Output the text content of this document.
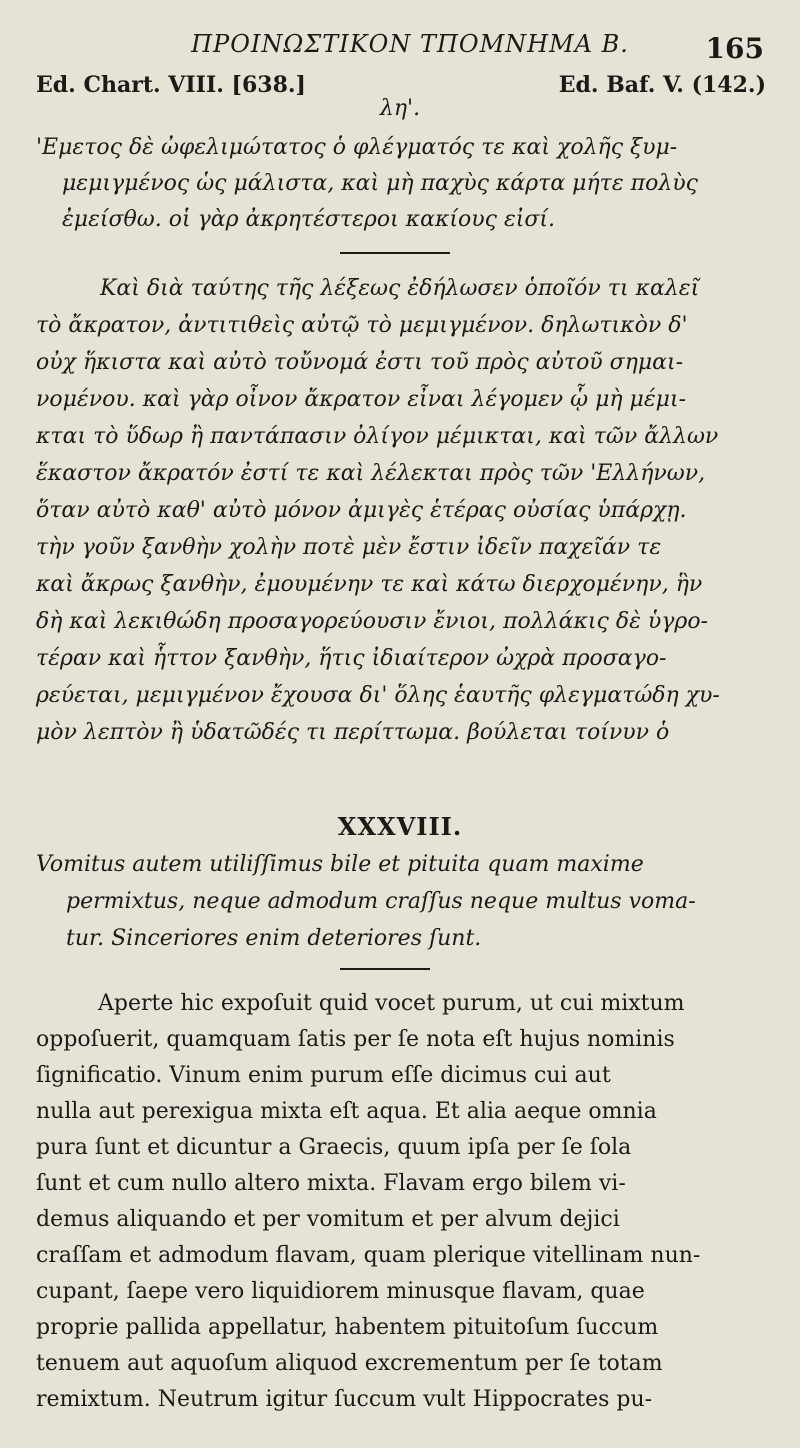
ΠΡΟΙΝΩΣΤΙΚΟΝ ΤΠΟΜΝΗΜΑ Β.	165
Ed. Chart. VIII. [638.]	Ed. Baf. V. (142.)
λη'.
'Εμετος δὲ ὠφελιμώτατος ὁ φλέγματός τε καὶ χολῆς ξυμ-
μεμιγμένος ὡς μάλιστα, καὶ μὴ παχὺς κάρτα μήτε πολὺς
ἐμείσθω. οἱ γὰρ ἀκρητέστεροι κακίους εἰσί.
Καὶ διὰ ταύτης τῆς λέξεως ἐδήλωσεν ὁποῖόν τι καλεῖ
τὸ ἄκρατον, ἀντιτιθεὶς αὐτῷ τὸ μεμιγμένον. δηλωτικὸν δ'
οὐχ ἥκιστα καὶ αὐτὸ τοὔνομά ἐστι τοῦ πρὸς αὐτοῦ σημαι-
νομένου. καὶ γὰρ οἶνον ἄκρατον εἶναι λέγομεν ᾧ μὴ μέμι-
κται τὸ ὕδωρ ἢ παντάπασιν ὀλίγον μέμικται, καὶ τῶν ἄλλων
ἕκαστον ἄκρατόν ἐστί τε καὶ λέλεκται πρὸς τῶν 'Ελλήνων,
ὅταν αὐτὸ καθ' αὐτὸ μόνον ἀμιγὲς ἑτέρας οὐσίας ὑπάρχῃ.
τὴν γοῦν ξανθὴν χολὴν ποτὲ μὲν ἔστιν ἰδεῖν παχεῖάν τε
καὶ ἄκρως ξανθὴν, ἐμουμένην τε καὶ κάτω διερχομένην, ἣν
δὴ καὶ λεκιθώδη προσαγορεύουσιν ἔνιοι, πολλάκις δὲ ὑγρο-
τέραν καὶ ἧττον ξανθὴν, ἥτις ἰδιαίτερον ὠχρὰ προσαγο-
ρεύεται, μεμιγμένον ἔχουσα δι' ὅλης ἑαυτῆς φλεγματώδη χυ-
μὸν λεπτὸν ἢ ὑδατῶδές τι περίττωμα. βούλεται τοίνυν ὁ
XXXVIII.
Vomitus autem utiliſſimus bile et pituita quam maxime
permixtus, neque admodum craſſus neque multus voma-
tur. Sinceriores enim deteriores ſunt.
Aperte hic expoſuit quid vocet purum, ut cui mixtum
oppoſuerit, quamquam ſatis per ſe nota eſt hujus nominis
ſignificatio. Vinum enim purum eſſe dicimus cui aut
nulla aut perexigua mixta eſt aqua. Et alia aeque omnia
pura ſunt et dicuntur a Graecis, quum ipſa per ſe ſola
ſunt et cum nullo altero mixta. Flavam ergo bilem vi-
demus aliquando et per vomitum et per alvum dejici
craſſam et admodum flavam, quam plerique vitellinam nun-
cupant, ſaepe vero liquidiorem minusque flavam, quae
proprie pallida appellatur, habentem pituitoſum ſuccum
tenuem aut aquoſum aliquod excrementum per ſe totam
remixtum. Neutrum igitur ſuccum vult Hippocrates pu-
